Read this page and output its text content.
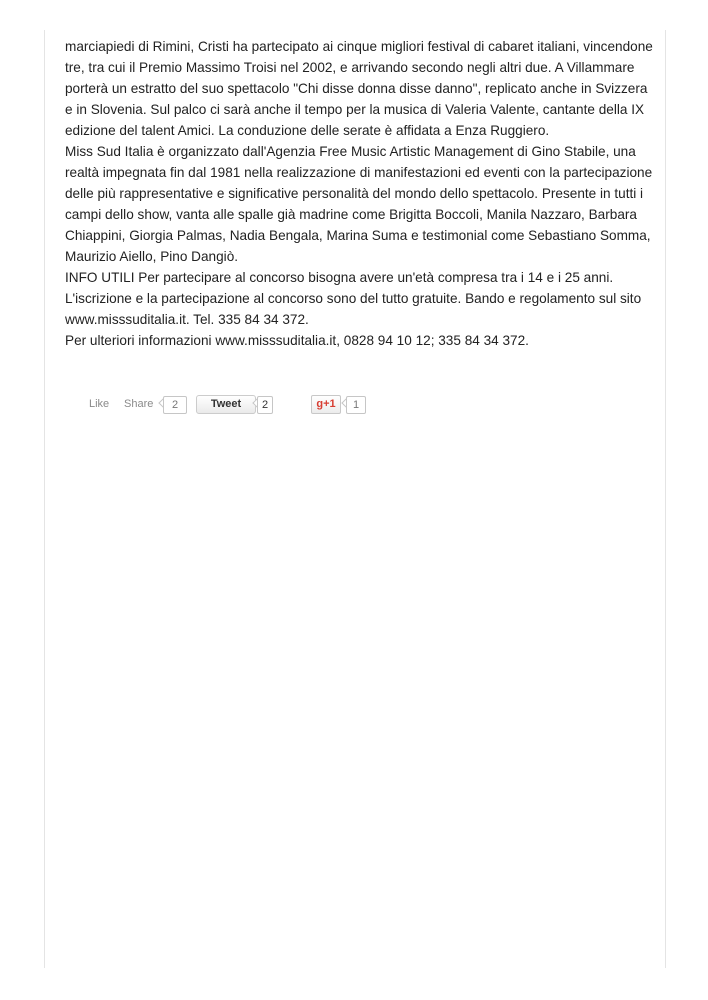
marciapiedi di Rimini, Cristi ha partecipato ai cinque migliori festival di cabaret italiani, vincendone tre, tra cui il Premio Massimo Troisi nel 2002, e arrivando secondo negli altri due. A Villammare porterà un estratto del suo spettacolo "Chi disse donna disse danno", replicato anche in Svizzera e in Slovenia. Sul palco ci sarà anche il tempo per la musica di Valeria Valente, cantante della IX edizione del talent Amici. La conduzione delle serate è affidata a Enza Ruggiero.

Miss Sud Italia è organizzato dall'Agenzia Free Music Artistic Management di Gino Stabile, una realtà impegnata fin dal 1981 nella realizzazione di manifestazioni ed eventi con la partecipazione delle più rappresentative e significative personalità del mondo dello spettacolo. Presente in tutti i campi dello show, vanta alle spalle già madrine come Brigitta Boccoli, Manila Nazzaro, Barbara Chiappini, Giorgia Palmas, Nadia Bengala, Marina Suma e testimonial come Sebastiano Somma, Maurizio Aiello, Pino Dangiò.

INFO UTILI Per partecipare al concorso bisogna avere un'età compresa tra i 14 e i 25 anni. L'iscrizione e la partecipazione al concorso sono del tutto gratuite. Bando e regolamento sul sito www.misssuditalia.it. Tel. 335 84 34 372.

Per ulteriori informazioni www.misssuditalia.it, 0828 94 10 12; 335 84 34 372.

Like Share	2	Tweet	2	g+1	1
